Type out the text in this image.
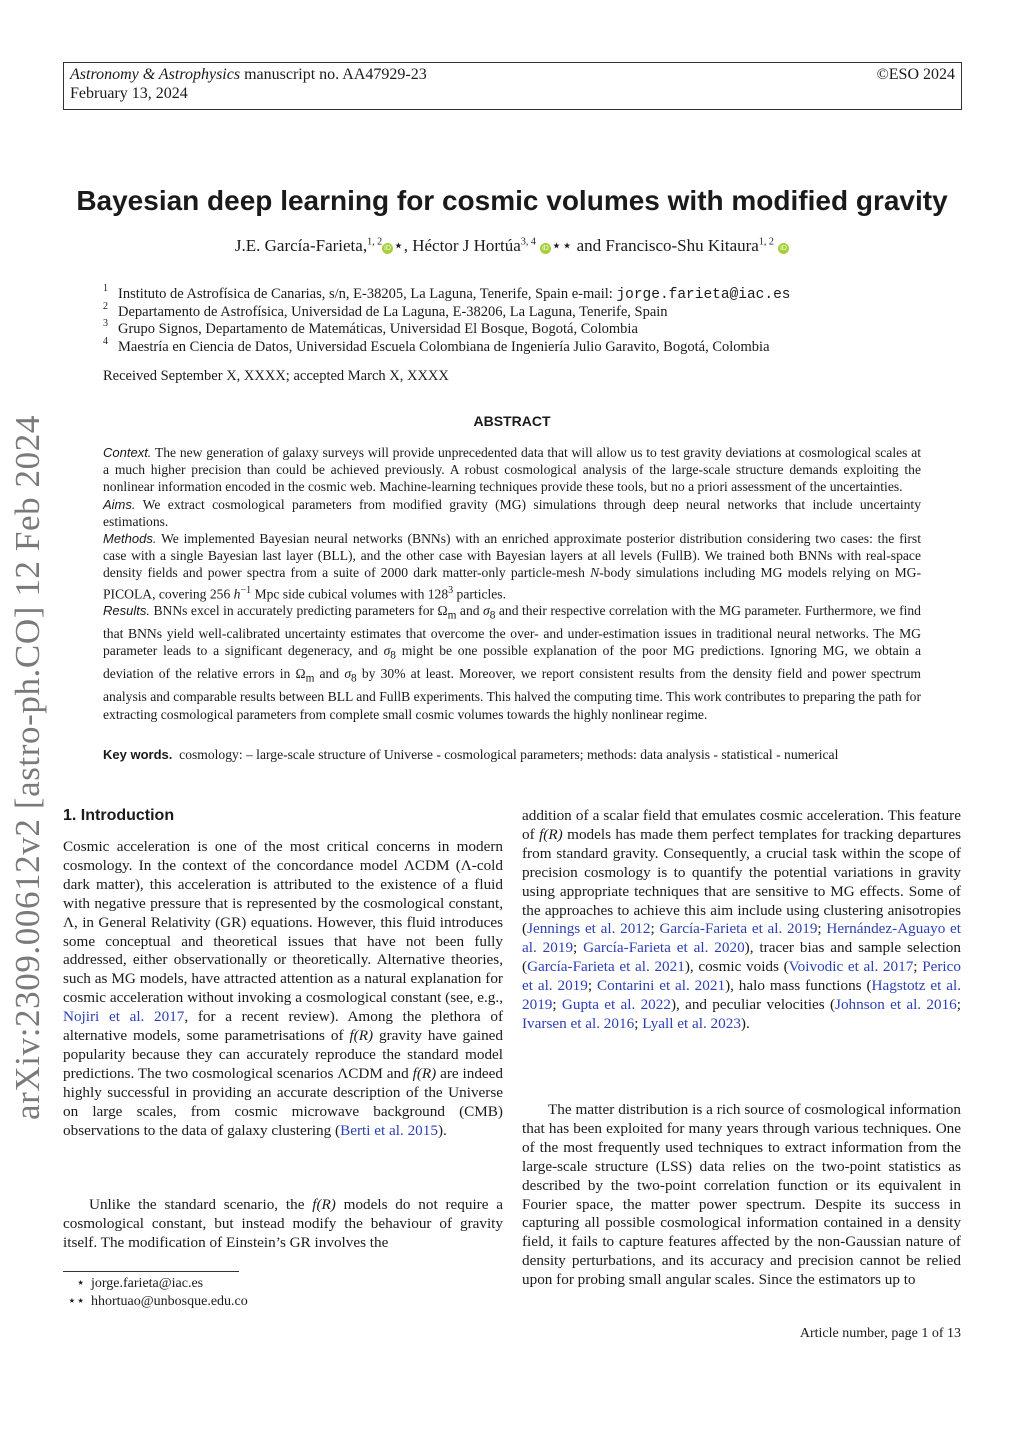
Astronomy & Astrophysics manuscript no. AA47929-23
February 13, 2024
©ESO 2024
arXiv:2309.00612v2 [astro-ph.CO] 12 Feb 2024
Bayesian deep learning for cosmic volumes with modified gravity
J.E. García-Farieta,$^{1, 2}$iD ⋆, Héctor J Hortúa$^{3, 4}$ iD ⋆⋆ and Francisco-Shu Kitaura$^{1, 2}$ iD
1 Instituto de Astrofísica de Canarias, s/n, E-38205, La Laguna, Tenerife, Spain e-mail: jorge.farieta@iac.es
2 Departamento de Astrofísica, Universidad de La Laguna, E-38206, La Laguna, Tenerife, Spain
3 Grupo Signos, Departamento de Matemáticas, Universidad El Bosque, Bogotá, Colombia
4 Maestría en Ciencia de Datos, Universidad Escuela Colombiana de Ingeniería Julio Garavito, Bogotá, Colombia
Received September X, XXXX; accepted March X, XXXX
ABSTRACT

Context. The new generation of galaxy surveys will provide unprecedented data that will allow us to test gravity deviations at cosmological scales at a much higher precision than could be achieved previously. A robust cosmological analysis of the large-scale structure demands exploiting the nonlinear information encoded in the cosmic web. Machine-learning techniques provide these tools, but no a priori assessment of the uncertainties.

Aims. We extract cosmological parameters from modified gravity (MG) simulations through deep neural networks that include uncertainty estimations.

Methods. We implemented Bayesian neural networks (BNNs) with an enriched approximate posterior distribution considering two cases: the first case with a single Bayesian last layer (BLL), and the other case with Bayesian layers at all levels (FullB). We trained both BNNs with real-space density fields and power spectra from a suite of 2000 dark matter-only particle-mesh N-body simulations including MG models relying on MG-PICOLA, covering 256 $h^{-1}$ Mpc side cubical volumes with $128^3$ particles.

Results. BNNs excel in accurately predicting parameters for $\Omega_m$ and $\sigma_8$ and their respective correlation with the MG parameter. Furthermore, we find that BNNs yield well-calibrated uncertainty estimates that overcome the over- and under-estimation issues in traditional neural networks. The MG parameter leads to a significant degeneracy, and $\sigma_8$ might be one possible explanation of the poor MG predictions. Ignoring MG, we obtain a deviation of the relative errors in $\Omega_m$ and $\sigma_8$ by 30% at least. Moreover, we report consistent results from the density field and power spectrum analysis and comparable results between BLL and FullB experiments. This halved the computing time. This work contributes to preparing the path for extracting cosmological parameters from complete small cosmic volumes towards the highly nonlinear regime.

Key words. cosmology: – large-scale structure of Universe - cosmological parameters; methods: data analysis - statistical - numerical
1. Introduction

Cosmic acceleration is one of the most critical concerns in modern cosmology. In the context of the concordance model ΛCDM (Λ-cold dark matter), this acceleration is attributed to the existence of a fluid with negative pressure that is represented by the cosmological constant, Λ, in General Relativity (GR) equations. However, this fluid introduces some conceptual and theoretical issues that have not been fully addressed, either observationally or theoretically. Alternative theories, such as MG models, have attracted attention as a natural explanation for cosmic acceleration without invoking a cosmological constant (see, e.g., Nojiri et al. 2017, for a recent review). Among the plethora of alternative models, some parametrisations of f(R) gravity have gained popularity because they can accurately reproduce the standard model predictions. The two cosmological scenarios ΛCDM and f(R) are indeed highly successful in providing an accurate description of the Universe on large scales, from cosmic microwave background (CMB) observations to the data of galaxy clustering (Berti et al. 2015).

Unlike the standard scenario, the f(R) models do not require a cosmological constant, but instead modify the behaviour of gravity itself. The modification of Einstein’s GR involves the

addition of a scalar field that emulates cosmic acceleration. This feature of f(R) models has made them perfect templates for tracking departures from standard gravity. Consequently, a crucial task within the scope of precision cosmology is to quantify the potential variations in gravity using appropriate techniques that are sensitive to MG effects. Some of the approaches to achieve this aim include using clustering anisotropies (Jennings et al. 2012; García-Farieta et al. 2019; Hernández-Aguayo et al. 2019; García-Farieta et al. 2020), tracer bias and sample selection (García-Farieta et al. 2021), cosmic voids (Voivodic et al. 2017; Perico et al. 2019; Contarini et al. 2021), halo mass functions (Hagstotz et al. 2019; Gupta et al. 2022), and peculiar velocities (Johnson et al. 2016; Ivarsen et al. 2016; Lyall et al. 2023).

The matter distribution is a rich source of cosmological information that has been exploited for many years through various techniques. One of the most frequently used techniques to extract information from the large-scale structure (LSS) data relies on the two-point statistics as described by the two-point correlation function or its equivalent in Fourier space, the matter power spectrum. Despite its success in capturing all possible cosmological information contained in a density field, it fails to capture features affected by the non-Gaussian nature of density perturbations, and its accuracy and precision cannot be relied upon for probing small angular scales. Since the estimators up to

⋆ jorge.farieta@iac.es
⋆⋆ hhortuao@unbosque.edu.co
Article number, page 1 of 13
